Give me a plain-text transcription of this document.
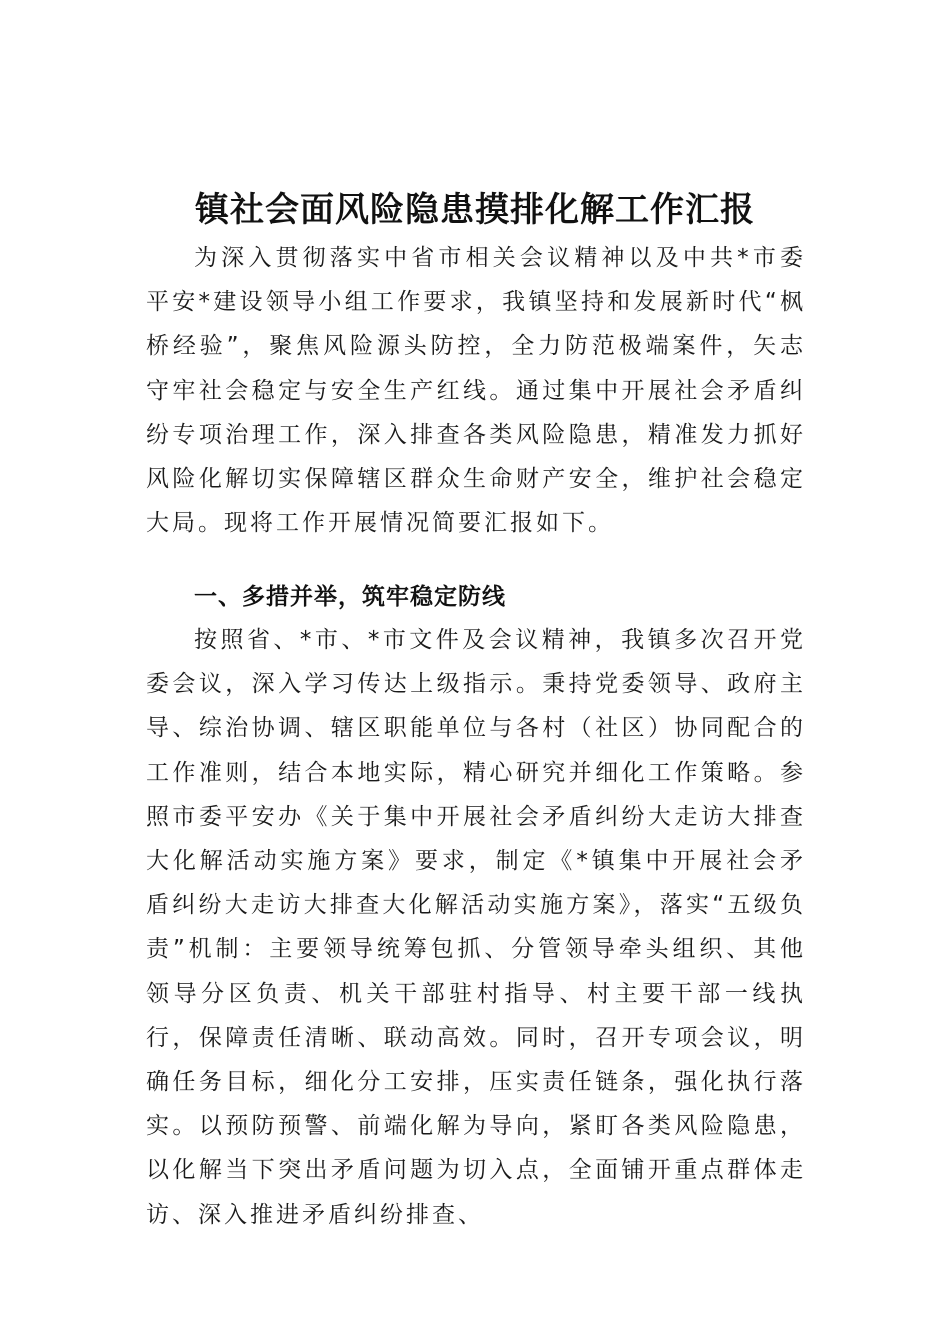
镇社会面风险隐患摸排化解工作汇报

为深入贯彻落实中省市相关会议精神以及中共*市委平安*建设领导小组工作要求，我镇坚持和发展新时代“枫桥经验”，聚焦风险源头防控，全力防范极端案件，矢志守牢社会稳定与安全生产红线。通过集中开展社会矛盾纠纷专项治理工作，深入排查各类风险隐患，精准发力抓好风险化解切实保障辖区群众生命财产安全，维护社会稳定大局。现将工作开展情况简要汇报如下。

一、多措并举，筑牢稳定防线

按照省、*市、*市文件及会议精神，我镇多次召开党委会议，深入学习传达上级指示。秉持党委领导、政府主导、综治协调、辖区职能单位与各村（社区）协同配合的工作准则，结合本地实际，精心研究并细化工作策略。参照市委平安办《关于集中开展社会矛盾纠纷大走访大排查大化解活动实施方案》要求，制定《*镇集中开展社会矛盾纠纷大走访大排查大化解活动实施方案》，落实“五级负责”机制：主要领导统筹包抓、分管领导牵头组织、其他领导分区负责、机关干部驻村指导、村主要干部一线执行，保障责任清晰、联动高效。同时，召开专项会议，明确任务目标，细化分工安排，压实责任链条，强化执行落实。以预防预警、前端化解为导向，紧盯各类风险隐患，以化解当下突出矛盾问题为切入点，全面铺开重点群体走访、深入推进矛盾纠纷排查、
